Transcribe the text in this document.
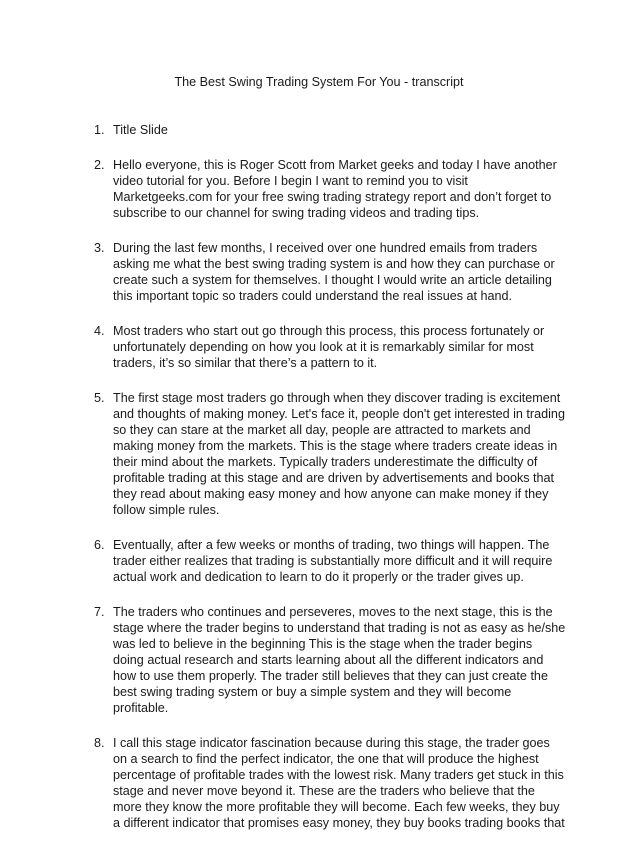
The Best Swing Trading System For You - transcript
1. Title Slide
2. Hello everyone, this is Roger Scott from Market geeks and today I have another
video tutorial for you. Before I begin I want to remind you to visit
Marketgeeks.com for your free swing trading strategy report and don’t forget to
subscribe to our channel for swing trading videos and trading tips.
3. During the last few months, I received over one hundred emails from traders
asking me what the best swing trading system is and how they can purchase or
create such a system for themselves. I thought I would write an article detailing
this important topic so traders could understand the real issues at hand.
4. Most traders who start out go through this process, this process fortunately or
unfortunately depending on how you look at it is remarkably similar for most
traders, it’s so similar that there’s a pattern to it.
5. The first stage most traders go through when they discover trading is excitement
and thoughts of making money. Let's face it, people don't get interested in trading
so they can stare at the market all day, people are attracted to markets and
making money from the markets. This is the stage where traders create ideas in
their mind about the markets. Typically traders underestimate the difficulty of
profitable trading at this stage and are driven by advertisements and books that
they read about making easy money and how anyone can make money if they
follow simple rules.
6. Eventually, after a few weeks or months of trading, two things will happen. The
trader either realizes that trading is substantially more difficult and it will require
actual work and dedication to learn to do it properly or the trader gives up.
7. The traders who continues and perseveres, moves to the next stage, this is the
stage where the trader begins to understand that trading is not as easy as he/she
was led to believe in the beginning This is the stage when the trader begins
doing actual research and starts learning about all the different indicators and
how to use them properly. The trader still believes that they can just create the
best swing trading system or buy a simple system and they will become
profitable.
8. I call this stage indicator fascination because during this stage, the trader goes
on a search to find the perfect indicator, the one that will produce the highest
percentage of profitable trades with the lowest risk. Many traders get stuck in this
stage and never move beyond it. These are the traders who believe that the
more they know the more profitable they will become. Each few weeks, they buy
a different indicator that promises easy money, they buy books trading books that
